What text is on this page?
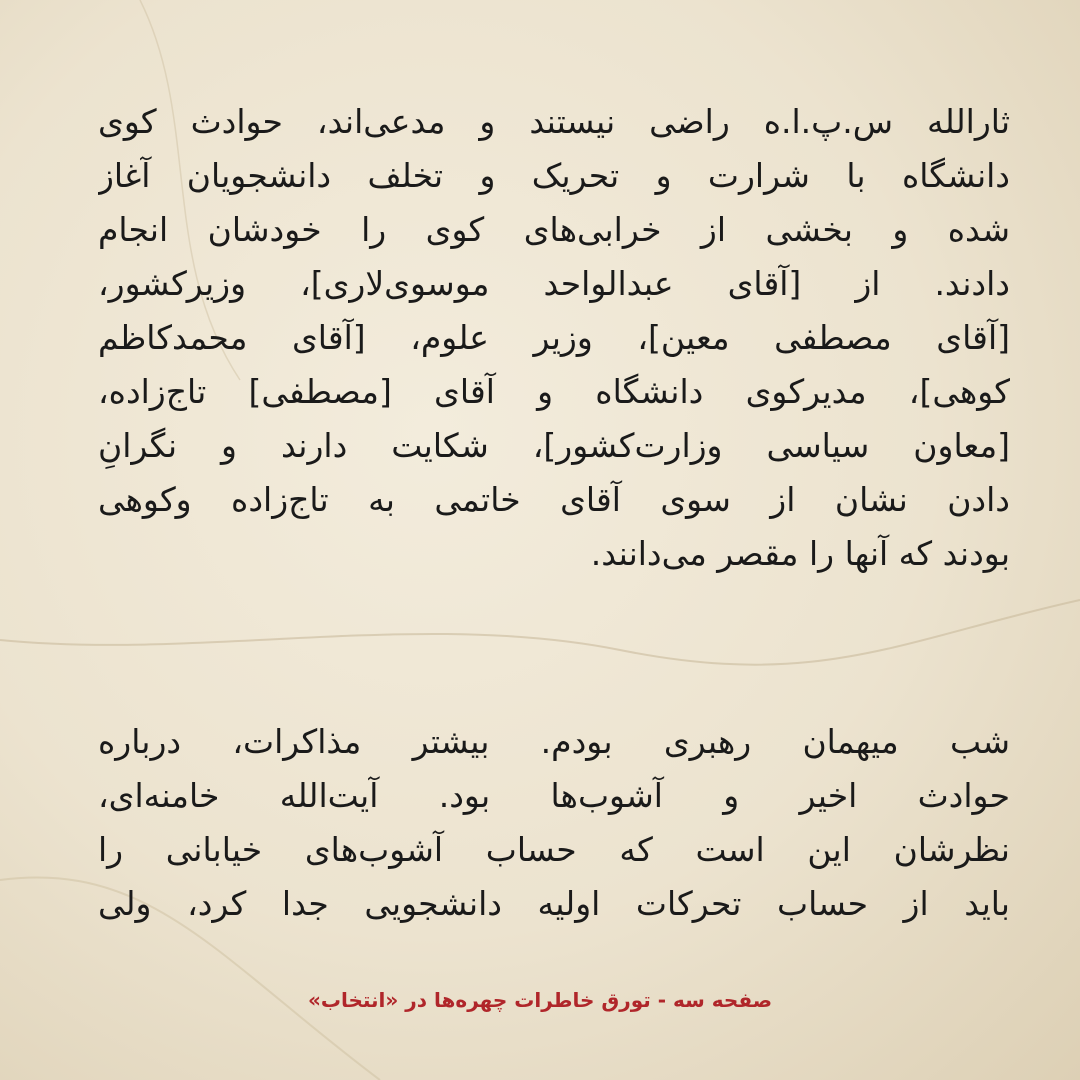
ثارالله س.پ.ا.ه راضی نیستند و مدعی‌اند، حوادث کوی
دانشگاه با شرارت و تحریک و تخلف دانشجویان آغاز
شده و بخشی از خرابی‌های کوی را خودشان انجام
دادند. از [آقای عبدالواحد موسوی‌لاری]، وزیرکشور،
[آقای مصطفی معین]، وزیر علوم، [آقای محمدکاظم
کوهی]، مدیرکوی دانشگاه و آقای [مصطفی] تاج‌زاده،
[معاون سیاسی وزارت‌کشور]، شکایت دارند و نگرانِ
دادن نشان از سوی آقای خاتمی به تاج‌زاده وکوهی
بودند که آنها را مقصر می‌دانند.
شب میهمان رهبری بودم. بیشتر مذاکرات، درباره
حوادث اخیر و آشوب‌ها بود. آیت‌الله خامنه‌ای،
نظرشان این است که حساب آشوب‌های خیابانی را
باید از حساب تحرکات اولیه دانشجویی جدا کرد، ولی
صفحه سه - تورق خاطرات چهره‌ها در «انتخاب»
